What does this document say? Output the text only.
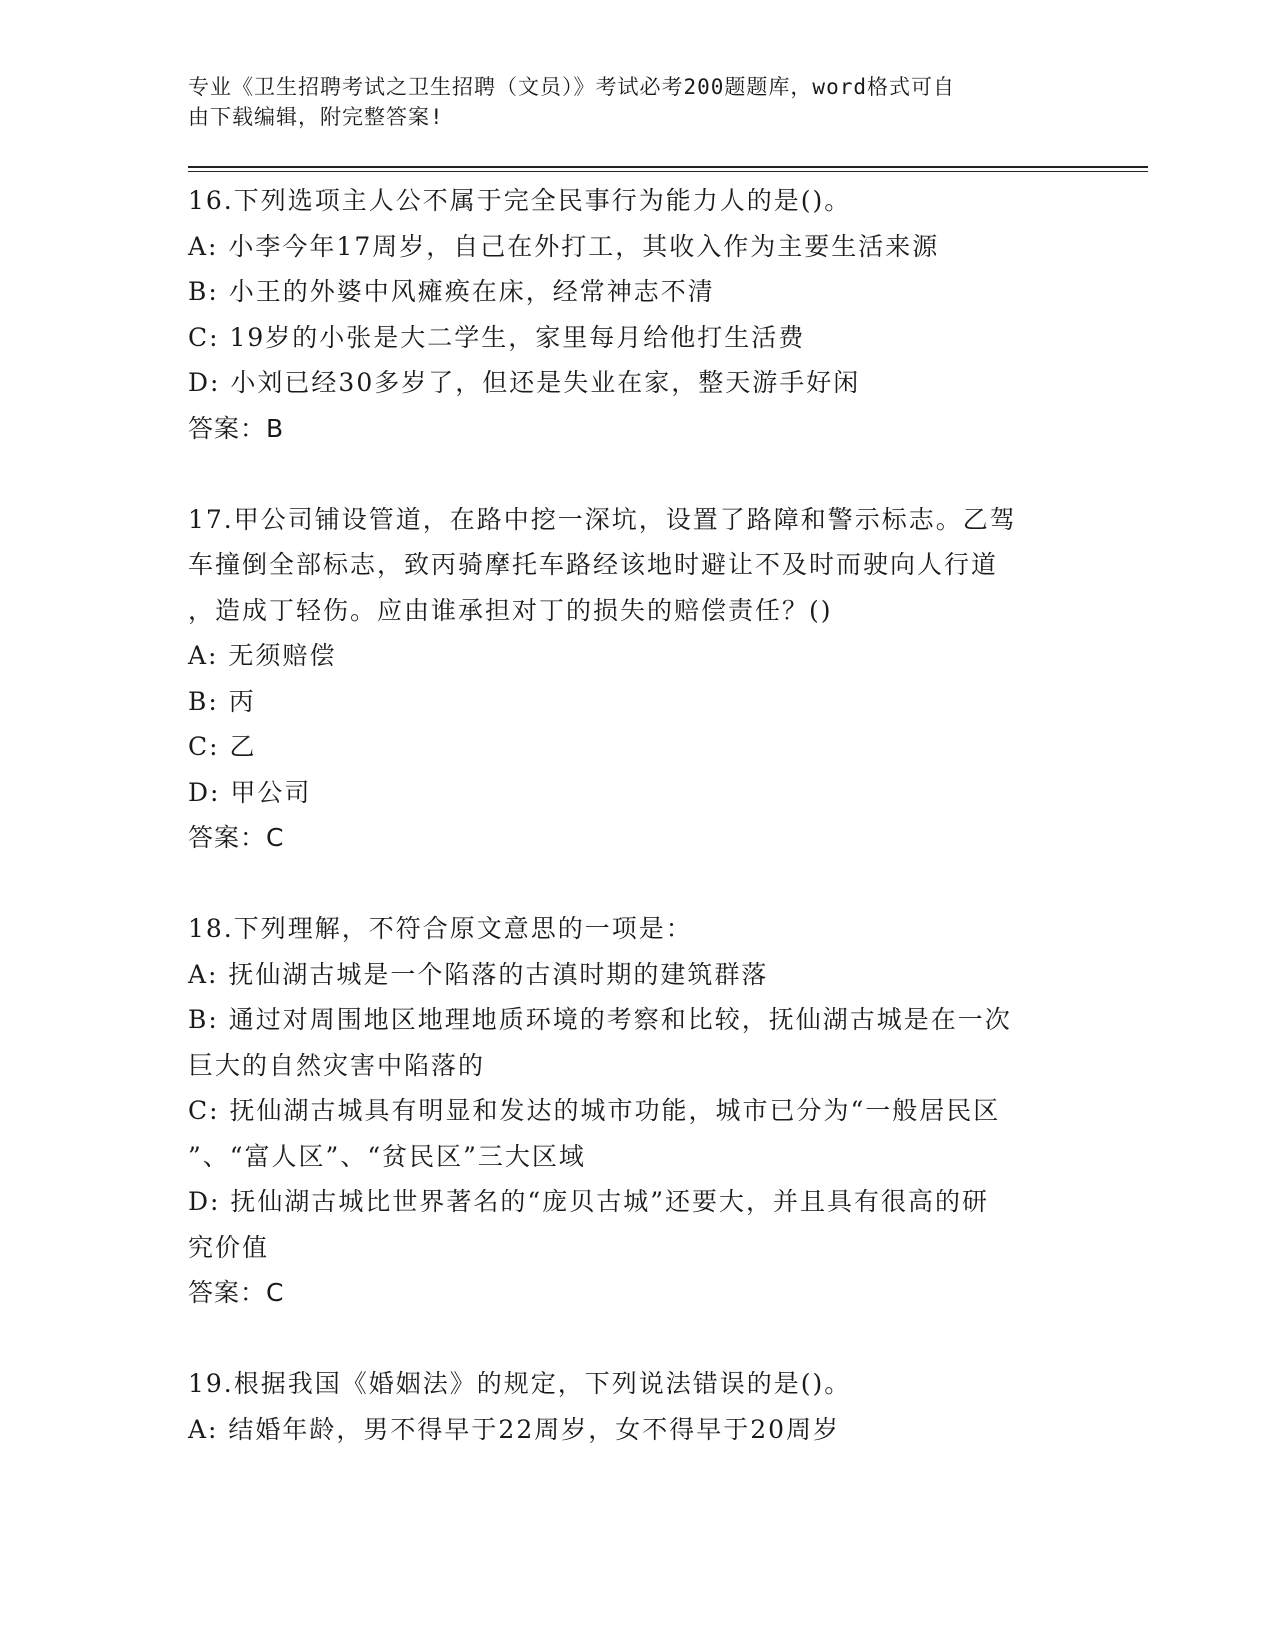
专业《卫生招聘考试之卫生招聘（文员）》考试必考200题题库，word格式可自
由下载编辑，附完整答案!
16.下列选项主人公不属于完全民事行为能力人的是()。
A: 小李今年17周岁，自己在外打工，其收入作为主要生活来源
B: 小王的外婆中风瘫痪在床，经常神志不清
C: 19岁的小张是大二学生，家里每月给他打生活费
D: 小刘已经30多岁了，但还是失业在家，整天游手好闲
答案：B
17.甲公司铺设管道，在路中挖一深坑，设置了路障和警示标志。乙驾
车撞倒全部标志，致丙骑摩托车路经该地时避让不及时而驶向人行道
，造成丁轻伤。应由谁承担对丁的损失的赔偿责任？()
A: 无须赔偿
B: 丙
C: 乙
D: 甲公司
答案：C
18.下列理解，不符合原文意思的一项是：
A: 抚仙湖古城是一个陷落的古滇时期的建筑群落
B: 通过对周围地区地理地质环境的考察和比较，抚仙湖古城是在一次
巨大的自然灾害中陷落的
C: 抚仙湖古城具有明显和发达的城市功能，城市已分为“一般居民区
”、“富人区”、“贫民区”三大区域
D: 抚仙湖古城比世界著名的“庞贝古城”还要大，并且具有很高的研
究价值
答案：C
19.根据我国《婚姻法》的规定，下列说法错误的是()。
A: 结婚年龄，男不得早于22周岁，女不得早于20周岁
